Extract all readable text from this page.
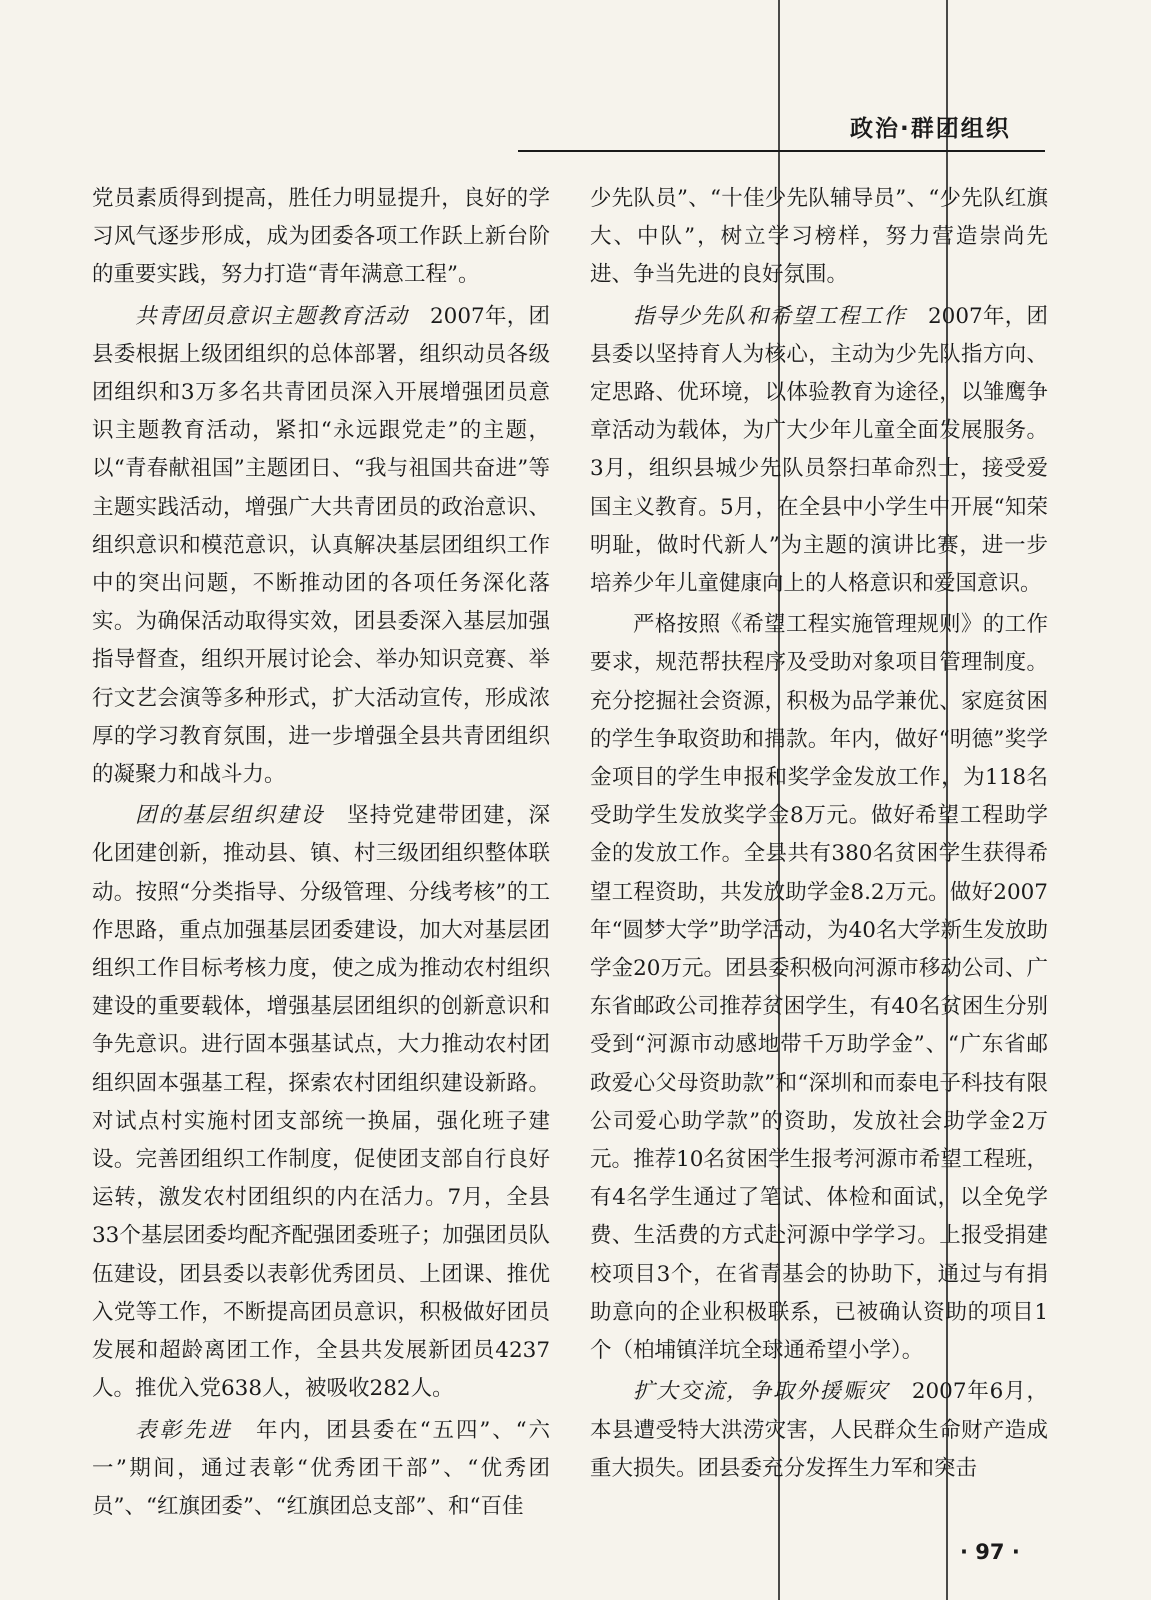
政治·群团组织

党员素质得到提高，胜任力明显提升，良好的学习风气逐步形成，成为团委各项工作跃上新台阶的重要实践，努力打造“青年满意工程”。

共青团员意识主题教育活动　2007年，团县委根据上级团组织的总体部署，组织动员各级团组织和3万多名共青团员深入开展增强团员意识主题教育活动，紧扣“永远跟党走”的主题，以“青春献祖国”主题团日、“我与祖国共奋进”等主题实践活动，增强广大共青团员的政治意识、组织意识和模范意识，认真解决基层团组织工作中的突出问题，不断推动团的各项任务深化落实。为确保活动取得实效，团县委深入基层加强指导督查，组织开展讨论会、举办知识竞赛、举行文艺会演等多种形式，扩大活动宣传，形成浓厚的学习教育氛围，进一步增强全县共青团组织的凝聚力和战斗力。

团的基层组织建设　坚持党建带团建，深化团建创新，推动县、镇、村三级团组织整体联动。按照“分类指导、分级管理、分线考核”的工作思路，重点加强基层团委建设，加大对基层团组织工作目标考核力度，使之成为推动农村组织建设的重要载体，增强基层团组织的创新意识和争先意识。进行固本强基试点，大力推动农村团组织固本强基工程，探索农村团组织建设新路。对试点村实施村团支部统一换届，强化班子建设。完善团组织工作制度，促使团支部自行良好运转，激发农村团组织的内在活力。7月，全县33个基层团委均配齐配强团委班子；加强团员队伍建设，团县委以表彰优秀团员、上团课、推优入党等工作，不断提高团员意识，积极做好团员发展和超龄离团工作，全县共发展新团员4237人。推优入党638人，被吸收282人。

表彰先进　年内，团县委在“五四”、“六一”期间，通过表彰“优秀团干部”、“优秀团员”、“红旗团委”、“红旗团总支部”、和“百佳

少先队员”、“十佳少先队辅导员”、“少先队红旗大、中队”，树立学习榜样，努力营造崇尚先进、争当先进的良好氛围。

指导少先队和希望工程工作　2007年，团县委以坚持育人为核心，主动为少先队指方向、定思路、优环境，以体验教育为途径，以雏鹰争章活动为载体，为广大少年儿童全面发展服务。3月，组织县城少先队员祭扫革命烈士，接受爱国主义教育。5月，在全县中小学生中开展“知荣明耻，做时代新人”为主题的演讲比赛，进一步培养少年儿童健康向上的人格意识和爱国意识。

严格按照《希望工程实施管理规则》的工作要求，规范帮扶程序及受助对象项目管理制度。充分挖掘社会资源，积极为品学兼优、家庭贫困的学生争取资助和捐款。年内，做好“明德”奖学金项目的学生申报和奖学金发放工作，为118名受助学生发放奖学金8万元。做好希望工程助学金的发放工作。全县共有380名贫困学生获得希望工程资助，共发放助学金8.2万元。做好2007年“圆梦大学”助学活动，为40名大学新生发放助学金20万元。团县委积极向河源市移动公司、广东省邮政公司推荐贫困学生，有40名贫困生分别受到“河源市动感地带千万助学金”、“广东省邮政爱心父母资助款”和“深圳和而泰电子科技有限公司爱心助学款”的资助，发放社会助学金2万元。推荐10名贫困学生报考河源市希望工程班，有4名学生通过了笔试、体检和面试，以全免学费、生活费的方式赴河源中学学习。上报受捐建校项目3个，在省青基会的协助下，通过与有捐助意向的企业积极联系，已被确认资助的项目1个（柏埔镇洋坑全球通希望小学）。

扩大交流，争取外援赈灾　2007年6月，本县遭受特大洪涝灾害，人民群众生命财产造成重大损失。团县委充分发挥生力军和突击

· 97 ·
